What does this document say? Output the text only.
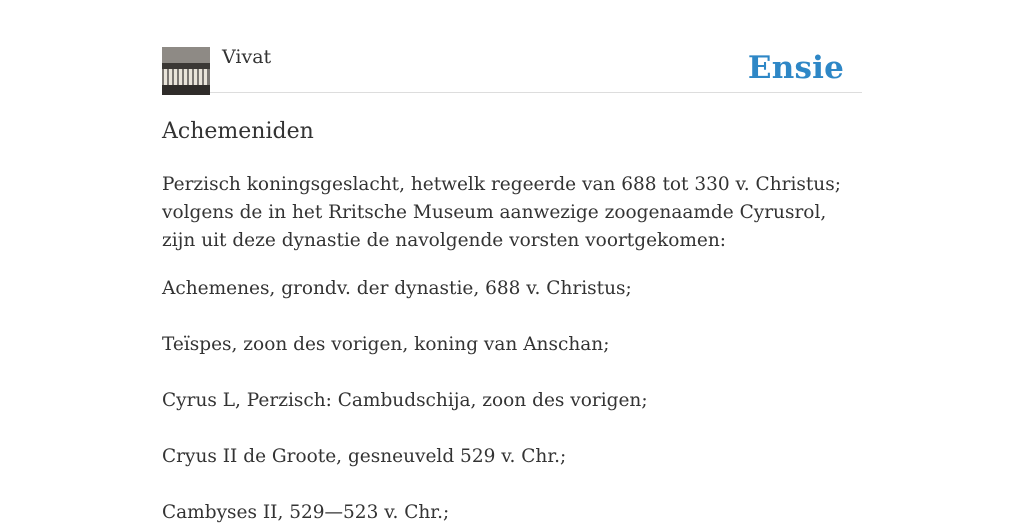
Vivat	Ensie
Achemeniden

Perzisch koningsgeslacht, hetwelk regeerde van 688 tot 330 v. Christus; volgens de in het Rritsche Museum aanwezige zoogenaamde Cyrusrol, zijn uit deze dynastie de navolgende vorsten voortgekomen:

Achemenes, grondv. der dynastie, 688 v. Christus;
Teïspes, zoon des vorigen, koning van Anschan;
Cyrus L, Perzisch: Cambudschija, zoon des vorigen;
Cryus II de Groote, gesneuveld 529 v. Chr.;
Cambyses II, 529—523 v. Chr.;
